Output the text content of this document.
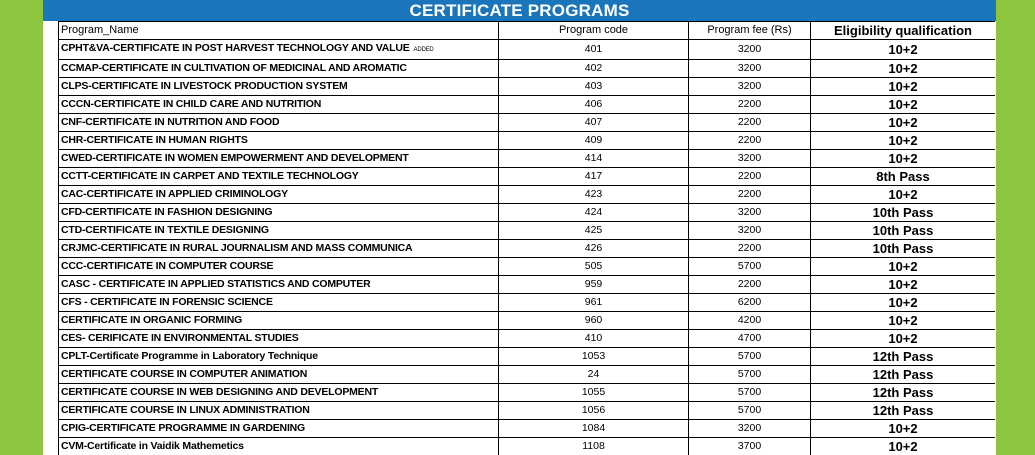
CERTIFICATE PROGRAMS
Program_Name	Program code	Program fee (Rs)	Eligibility qualification
CPHT&VA-CERTIFICATE IN POST HARVEST TECHNOLOGY AND VALUE ADDED	401	3200	10+2
CCMAP-CERTIFICATE IN CULTIVATION OF MEDICINAL AND AROMATIC	402	3200	10+2
CLPS-CERTIFICATE IN LIVESTOCK PRODUCTION SYSTEM	403	3200	10+2
CCCN-CERTIFICATE IN CHILD CARE AND NUTRITION	406	2200	10+2
CNF-CERTIFICATE IN NUTRITION AND FOOD	407	2200	10+2
CHR-CERTIFICATE IN HUMAN RIGHTS	409	2200	10+2
CWED-CERTIFICATE IN WOMEN EMPOWERMENT AND DEVELOPMENT	414	3200	10+2
CCTT-CERTIFICATE IN CARPET AND TEXTILE TECHNOLOGY	417	2200	8th Pass
CAC-CERTIFICATE IN APPLIED CRIMINOLOGY	423	2200	10+2
CFD-CERTIFICATE IN FASHION DESIGNING	424	3200	10th Pass
CTD-CERTIFICATE IN TEXTILE DESIGNING	425	3200	10th Pass
CRJMC-CERTIFICATE IN RURAL JOURNALISM AND MASS COMMUNICA	426	2200	10th Pass
CCC-CERTIFICATE IN COMPUTER COURSE	505	5700	10+2
CASC - CERTIFICATE IN APPLIED STATISTICS AND COMPUTER	959	2200	10+2
CFS - CERTIFICATE IN FORENSIC SCIENCE	961	6200	10+2
CERTIFICATE IN ORGANIC FORMING	960	4200	10+2
CES- CERIFICATE IN ENVIRONMENTAL STUDIES	410	4700	10+2
CPLT-Certificate Programme in Laboratory Technique	1053	5700	12th Pass
CERTIFICATE COURSE IN COMPUTER ANIMATION	24	5700	12th Pass
CERTIFICATE COURSE IN WEB DESIGNING AND DEVELOPMENT	1055	5700	12th Pass
CERTIFICATE COURSE IN LINUX ADMINISTRATION	1056	5700	12th Pass
CPIG-CERTIFICATE PROGRAMME IN GARDENING	1084	3200	10+2
CVM-Certificate in Vaidik Mathemetics	1108	3700	10+2
